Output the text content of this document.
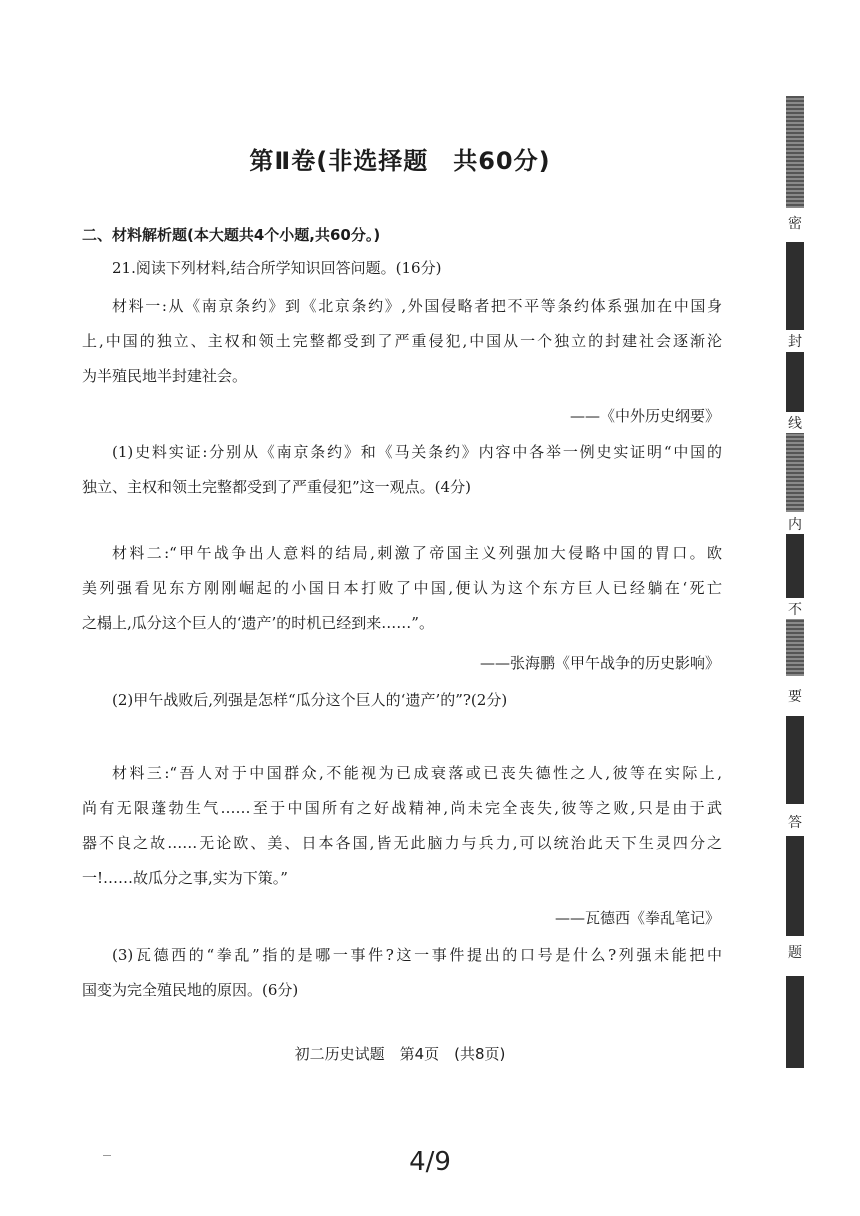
第Ⅱ卷(非选择题　共60分)
二、材料解析题(本大题共4个小题,共60分。)
21.阅读下列材料,结合所学知识回答问题。(16分)
材料一:从《南京条约》到《北京条约》,外国侵略者把不平等条约体系强加在中国身
上,中国的独立、主权和领土完整都受到了严重侵犯,中国从一个独立的封建社会逐渐沦
为半殖民地半封建社会。
——《中外历史纲要》
(1)史料实证:分别从《南京条约》和《马关条约》内容中各举一例史实证明“中国的
独立、主权和领土完整都受到了严重侵犯”这一观点。(4分)
材料二:“甲午战争出人意料的结局,刺激了帝国主义列强加大侵略中国的胃口。欧
美列强看见东方刚刚崛起的小国日本打败了中国,便认为这个东方巨人已经躺在‘死亡
之榻上,瓜分这个巨人的‘遗产’的时机已经到来……”。
——张海鹏《甲午战争的历史影响》
(2)甲午战败后,列强是怎样“瓜分这个巨人的‘遗产’的”?(2分)
材料三:“吾人对于中国群众,不能视为已成衰落或已丧失德性之人,彼等在实际上,
尚有无限蓬勃生气……至于中国所有之好战精神,尚未完全丧失,彼等之败,只是由于武
器不良之故……无论欧、美、日本各国,皆无此脑力与兵力,可以统治此天下生灵四分之
一!……故瓜分之事,实为下策。”
——瓦德西《拳乱笔记》
(3)瓦德西的“拳乱”指的是哪一事件?这一事件提出的口号是什么?列强未能把中
国变为完全殖民地的原因。(6分)
初二历史试题　第4页　(共8页)
4/9
密
封
线
内
不
要
答
题
